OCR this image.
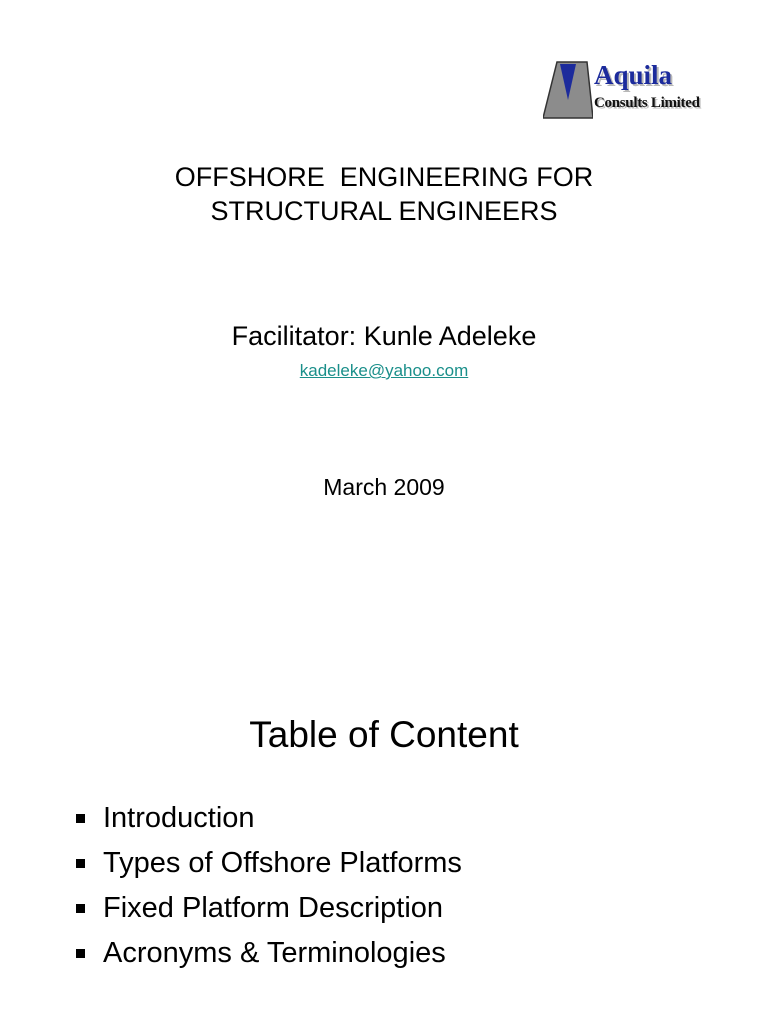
Aquila
Consults Limited
OFFSHORE  ENGINEERING FOR
STRUCTURAL ENGINEERS
Facilitator: Kunle Adeleke
kadeleke@yahoo.com
March 2009
Table of Content
Introduction
Types of Offshore Platforms
Fixed Platform Description
Acronyms & Terminologies
